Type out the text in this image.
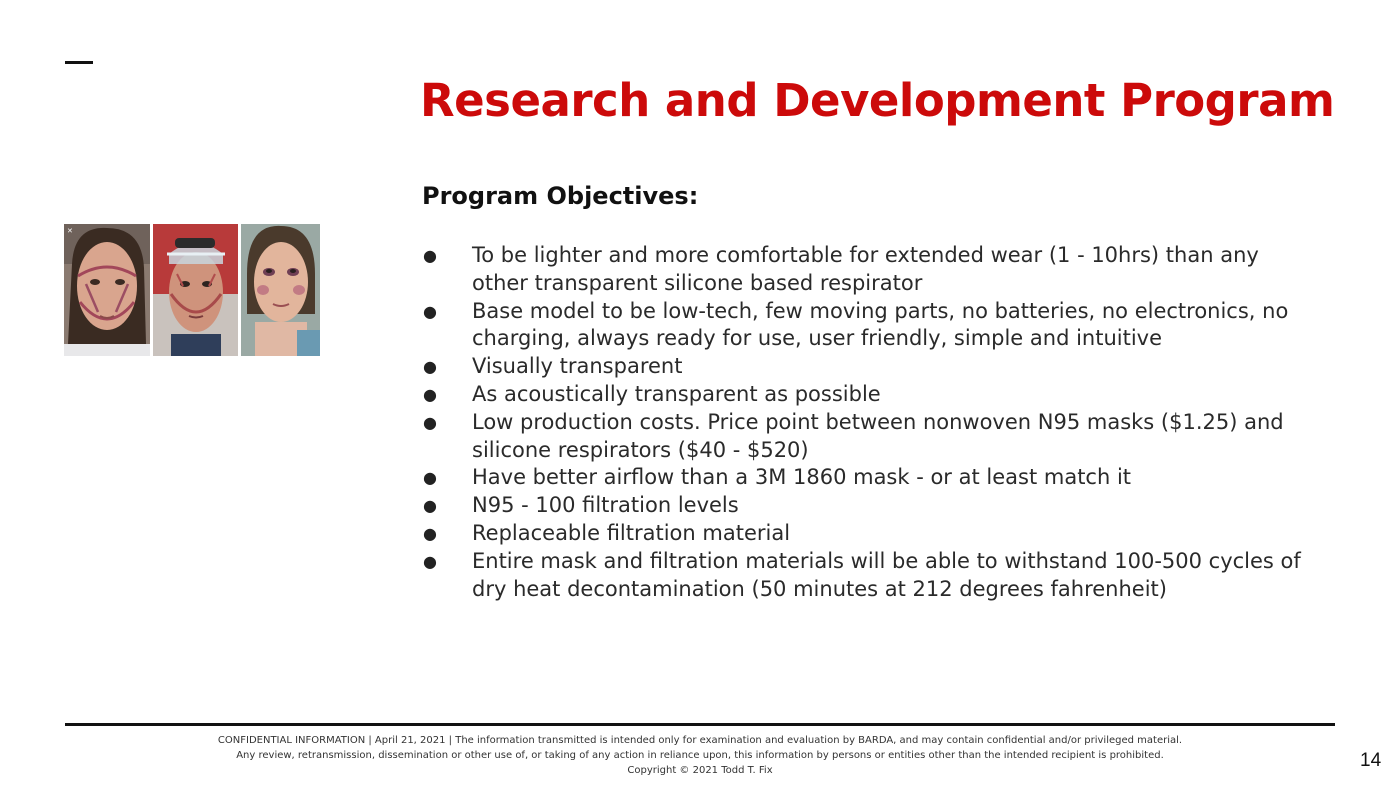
Research and Development Program
Program Objectives:
✕
● To be lighter and more comfortable for extended wear (1 - 10hrs) than any other transparent silicone based respirator
● Base model to be low-tech, few moving parts, no batteries, no electronics, no charging, always ready for use, user friendly, simple and intuitive
● Visually transparent
● As acoustically transparent as possible
● Low production costs. Price point between nonwoven N95 masks ($1.25) and silicone respirators ($40 - $520)
● Have better airflow than a 3M 1860 mask - or at least match it
● N95 - 100 filtration levels
● Replaceable filtration material
● Entire mask and filtration materials will be able to withstand 100-500 cycles of dry heat decontamination (50 minutes at 212 degrees fahrenheit)
CONFIDENTIAL INFORMATION | April 21, 2021 | The information transmitted is intended only for examination and evaluation by BARDA, and may contain confidential and/or privileged material.
Any review, retransmission, dissemination or other use of, or taking of any action in reliance upon, this information by persons or entities other than the intended recipient is prohibited.
Copyright © 2021 Todd T. Fix	14
